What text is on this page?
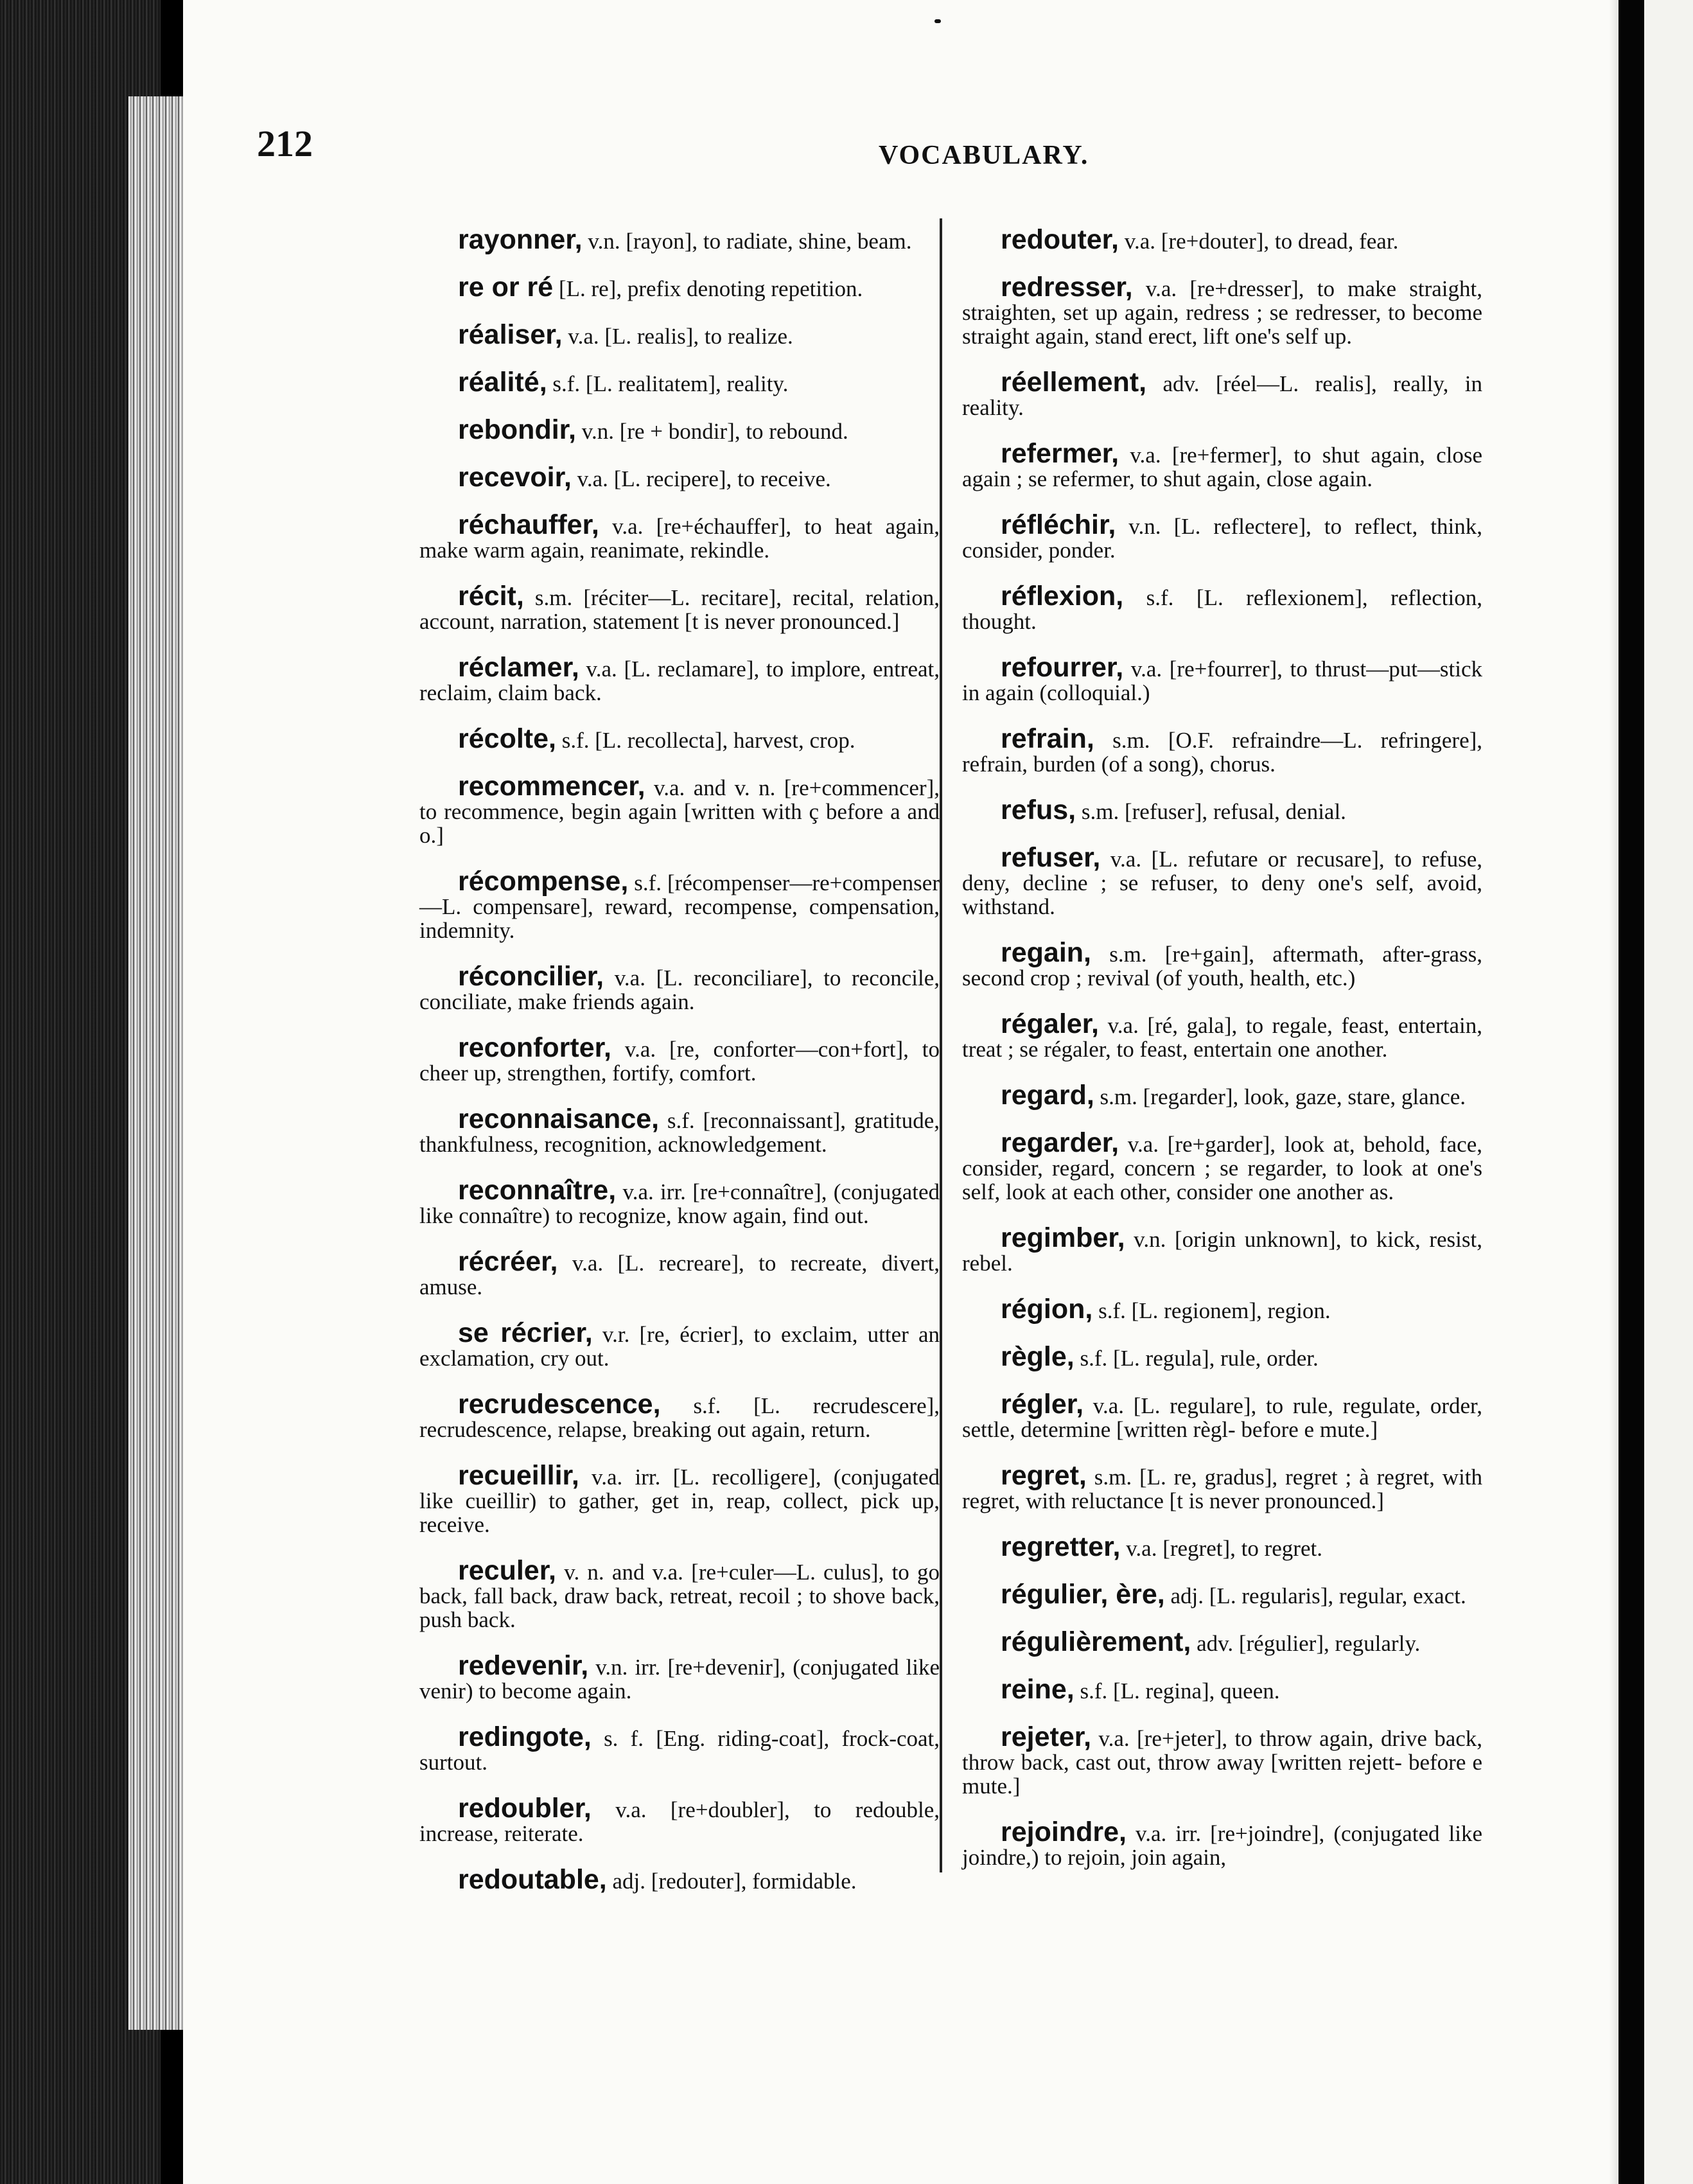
212	VOCABULARY.

rayonner, v.n. [rayon], to radiate, shine, beam.

re or ré [L. re], prefix denoting repetition.

réaliser, v.a. [L. realis], to realize.

réalité, s.f. [L. realitatem], reality.

rebondir, v.n. [re + bondir], to rebound.

recevoir, v.a. [L. recipere], to receive.

réchauffer, v.a. [re+échauffer], to heat again, make warm again, reanimate, rekindle.

récit, s.m. [réciter—L. recitare], recital, relation, account, narration, statement [t is never pronounced.]

réclamer, v.a. [L. reclamare], to implore, entreat, reclaim, claim back.

récolte, s.f. [L. recollecta], harvest, crop.

recommencer, v.a. and v. n. [re+commencer], to recommence, begin again [written with ç before a and o.]

récompense, s.f. [récompenser—re+compenser—L. compensare], reward, recompense, compensation, indemnity.

réconcilier, v.a. [L. reconciliare], to reconcile, conciliate, make friends again.

reconforter, v.a. [re, conforter—con+fort], to cheer up, strengthen, fortify, comfort.

reconnaisance, s.f. [reconnaissant], gratitude, thankfulness, recognition, acknowledgement.

reconnaître, v.a. irr. [re+connaître], (conjugated like connaître) to recognize, know again, find out.

récréer, v.a. [L. recreare], to recreate, divert, amuse.

se récrier, v.r. [re, écrier], to exclaim, utter an exclamation, cry out.

recrudescence, s.f. [L. recrudescere], recrudescence, relapse, breaking out again, return.

recueillir, v.a. irr. [L. recolligere], (conjugated like cueillir) to gather, get in, reap, collect, pick up, receive.

reculer, v. n. and v.a. [re+culer—L. culus], to go back, fall back, draw back, retreat, recoil ; to shove back, push back.

redevenir, v.n. irr. [re+devenir], (conjugated like venir) to become again.

redingote, s. f. [Eng. riding-coat], frock-coat, surtout.

redoubler, v.a. [re+doubler], to redouble, increase, reiterate.

redoutable, adj. [redouter], formidable.

redouter, v.a. [re+douter], to dread, fear.

redresser, v.a. [re+dresser], to make straight, straighten, set up again, redress ; se redresser, to become straight again, stand erect, lift one's self up.

réellement, adv. [réel—L. realis], really, in reality.

refermer, v.a. [re+fermer], to shut again, close again ; se refermer, to shut again, close again.

réfléchir, v.n. [L. reflectere], to reflect, think, consider, ponder.

réflexion, s.f. [L. reflexionem], reflection, thought.

refourrer, v.a. [re+fourrer], to thrust—put—stick in again (colloquial.)

refrain, s.m. [O.F. refraindre—L. refringere], refrain, burden (of a song), chorus.

refus, s.m. [refuser], refusal, denial.

refuser, v.a. [L. refutare or recusare], to refuse, deny, decline ; se refuser, to deny one's self, avoid, withstand.

regain, s.m. [re+gain], aftermath, after-grass, second crop ; revival (of youth, health, etc.)

régaler, v.a. [ré, gala], to regale, feast, entertain, treat ; se régaler, to feast, entertain one another.

regard, s.m. [regarder], look, gaze, stare, glance.

regarder, v.a. [re+garder], look at, behold, face, consider, regard, concern ; se regarder, to look at one's self, look at each other, consider one another as.

regimber, v.n. [origin unknown], to kick, resist, rebel.

région, s.f. [L. regionem], region.

règle, s.f. [L. regula], rule, order.

régler, v.a. [L. regulare], to rule, regulate, order, settle, determine [written règl- before e mute.]

regret, s.m. [L. re, gradus], regret ; à regret, with regret, with reluctance [t is never pronounced.]

regretter, v.a. [regret], to regret.

régulier, ère, adj. [L. regularis], regular, exact.

régulièrement, adv. [régulier], regularly.

reine, s.f. [L. regina], queen.

rejeter, v.a. [re+jeter], to throw again, drive back, throw back, cast out, throw away [written rejett- before e mute.]

rejoindre, v.a. irr. [re+joindre], (conjugated like joindre,) to rejoin, join again,
